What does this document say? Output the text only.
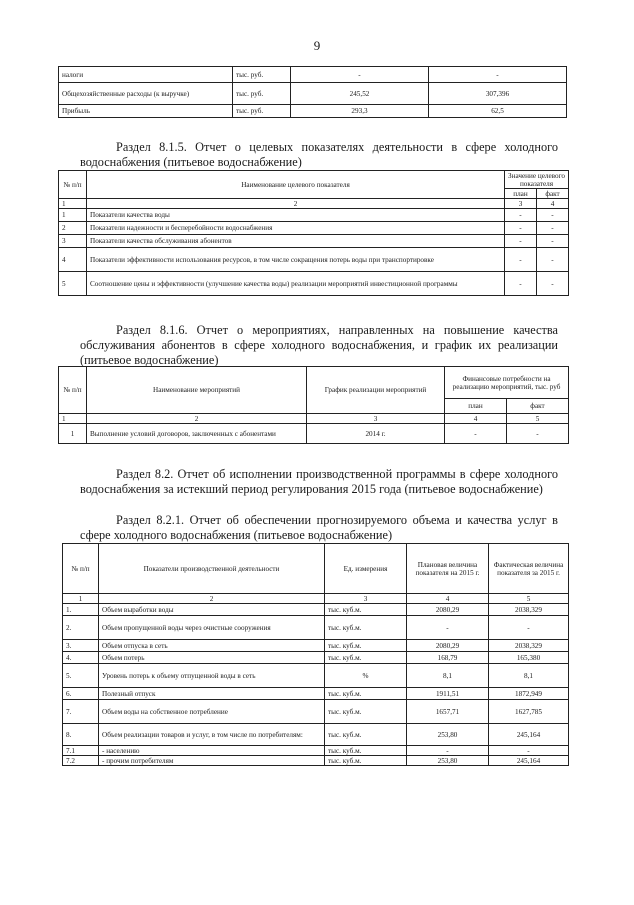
9
налоги	тыс. руб.	-	-
Общехозяйственные расходы (к выручке)	тыс. руб.	245,52	307,396
Прибыль	тыс. руб.	293,3	62,5
Раздел 8.1.5. Отчет о целевых показателях деятельности в сфере холодного водоснабжения (питьевое водоснабжение)
№ п/п	Наименование целевого показателя	Значение целевого показателя	
		план	факт
1	2	3	4
1	Показатели качества воды	-	-
2	Показатели надежности и бесперебойности водоснабжения	-	-
3	Показатели качества обслуживания абонентов	-	-
4	Показатели эффективности использования ресурсов, в том числе сокращения потерь воды при транспортировке	-	-
5	Соотношение цены и эффективности (улучшение качества воды) реализации мероприятий инвестиционной программы	-	-
Раздел 8.1.6. Отчет о мероприятиях, направленных на повышение качества обслуживания абонентов в сфере холодного водоснабжения, и график их реализации (питьевое водоснабжение)
№ п/п	Наименование мероприятий	График реализации мероприятий	Финансовые потребности на реализацию мероприятий, тыс. руб	
			план	факт
1	2	3	4	5
1	Выполнение условий договоров, заключенных с абонентами	2014 г.	-	-
Раздел 8.2. Отчет об исполнении производственной программы в сфере холодного водоснабжения за истекший период регулирования 2015 года (питьевое водоснабжение)
Раздел 8.2.1. Отчет об обеспечении прогнозируемого объема и качества услуг в сфере холодного водоснабжения (питьевое водоснабжение)
№ п/п	Показатели производственной деятельности	Ед. измерения	Плановая величина показателя на 2015 г.	Фактическая величина показателя за 2015 г.
1	2	3	4	5
1.	Объем выработки воды	тыс. куб.м.	2080,29	2038,329
2.	Объем пропущенной воды через очистные сооружения	тыс. куб.м.	-	-
3.	Объем отпуска в сеть	тыс. куб.м.	2080,29	2038,329
4.	Объем потерь	тыс. куб.м.	168,79	165,380
5.	Уровень потерь к объему отпущенной воды в сеть	%	8,1	8,1
6.	Полезный отпуск	тыс. куб.м.	1911,51	1872,949
7.	Объем воды на собственное потребление	тыс. куб.м.	1657,71	1627,785
8.	Объем реализации товаров и услуг, в том числе по потребителям:	тыс. куб.м.	253,80	245,164
7.1	- населению	тыс. куб.м.	-	-
7.2	- прочим потребителям	тыс. куб.м.	253,80	245,164
